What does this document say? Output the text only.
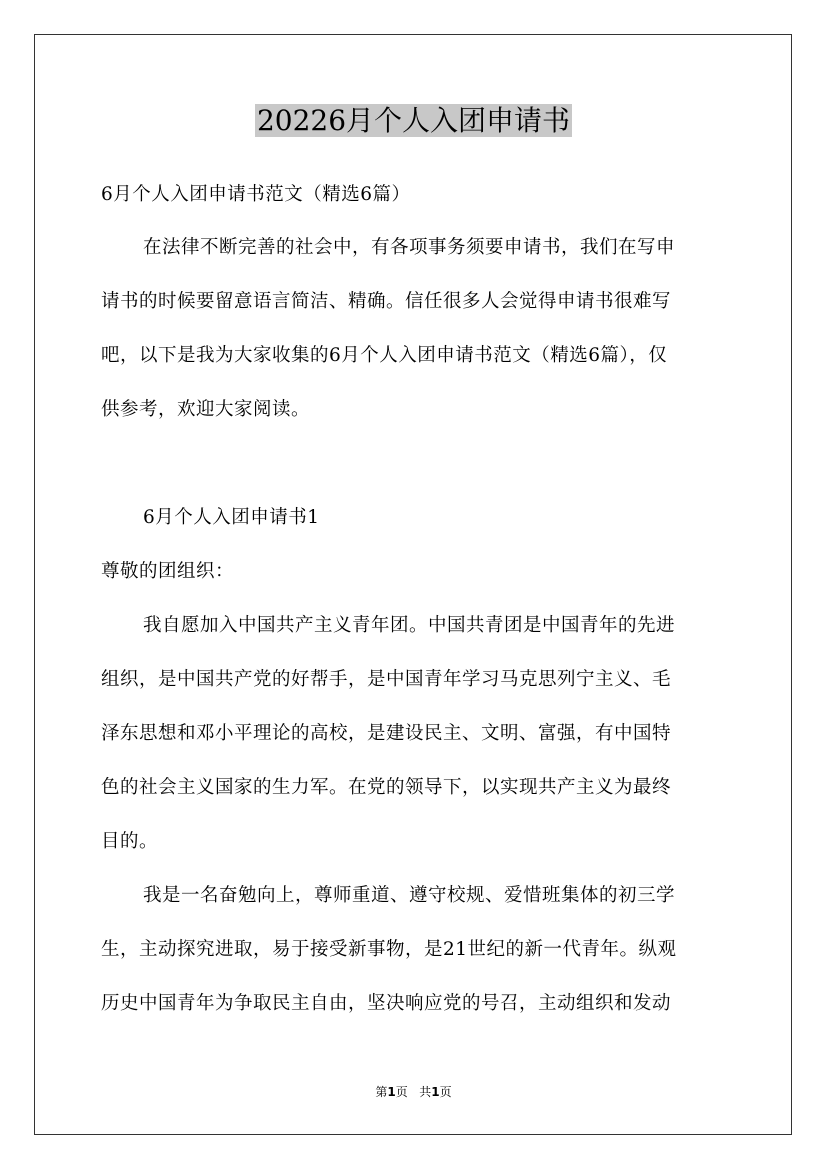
20226月个人入团申请书

6月个人入团申请书范文（精选6篇）

在法律不断完善的社会中，有各项事务须要申请书，我们在写申

请书的时候要留意语言简洁、精确。信任很多人会觉得申请书很难写

吧，以下是我为大家收集的6月个人入团申请书范文（精选6篇），仅

供参考，欢迎大家阅读。

6月个人入团申请书1

尊敬的团组织：

我自愿加入中国共产主义青年团。中国共青团是中国青年的先进

组织，是中国共产党的好帮手，是中国青年学习马克思列宁主义、毛

泽东思想和邓小平理论的高校，是建设民主、文明、富强，有中国特

色的社会主义国家的生力军。在党的领导下，以实现共产主义为最终

目的。

我是一名奋勉向上，尊师重道、遵守校规、爱惜班集体的初三学

生，主动探究进取，易于接受新事物，是21世纪的新一代青年。纵观

历史中国青年为争取民主自由，坚决响应党的号召，主动组织和发动

第1页   共1页
